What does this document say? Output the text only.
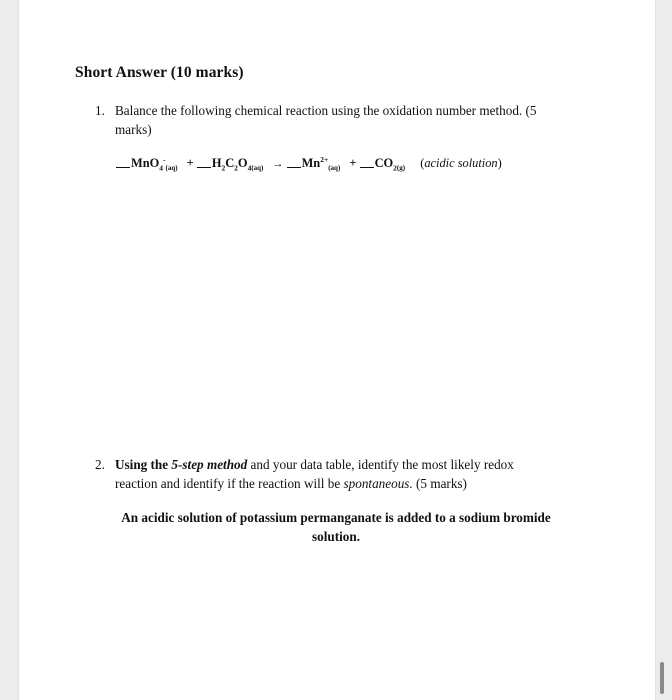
Short Answer (10 marks)
1. Balance the following chemical reaction using the oxidation number method. (5
marks)
$MnO_4^-_{(aq)} + H_2C_2O_{4(aq)} \to Mn^{2+}_{(aq)} + CO_{2(g)}$ (acidic solution)
2. Using the 5-step method and your data table, identify the most likely redox
reaction and identify if the reaction will be spontaneous. (5 marks)
An acidic solution of potassium permanganate is added to a sodium bromide
solution.
